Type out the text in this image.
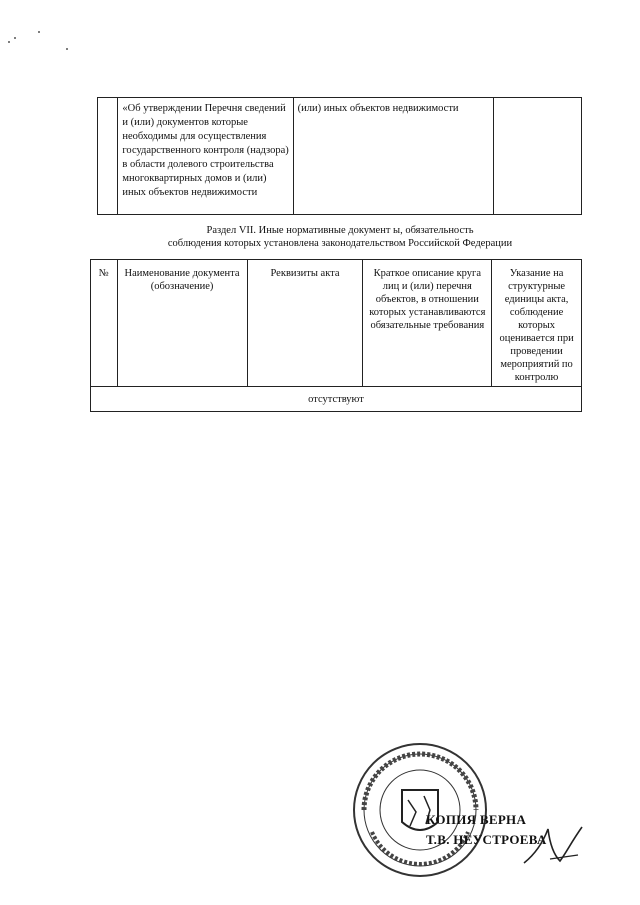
	«Об утверждении Перечня сведений и (или) документов которые необходимы для осуществления государственного контроля (надзора) в области долевого строительства многоквартирных домов и (или) иных объектов недвижимости	(или) иных объектов недвижимости	
Раздел VII. Иные нормативные документ ы, обязательность
соблюдения которых установлена законодательством Российской Федерации
№	Наименование документа (обозначение)	Реквизиты акта	Краткое описание круга лиц и (или) перечня объектов, в отношении которых устанавливаются обязательные требования	Указание на структурные единицы акта, соблюдение которых оценивается при проведении мероприятий по контролю
отсутствуют
КОПИЯ ВЕРНА
Т.В. НЕУСТРОЕВА
